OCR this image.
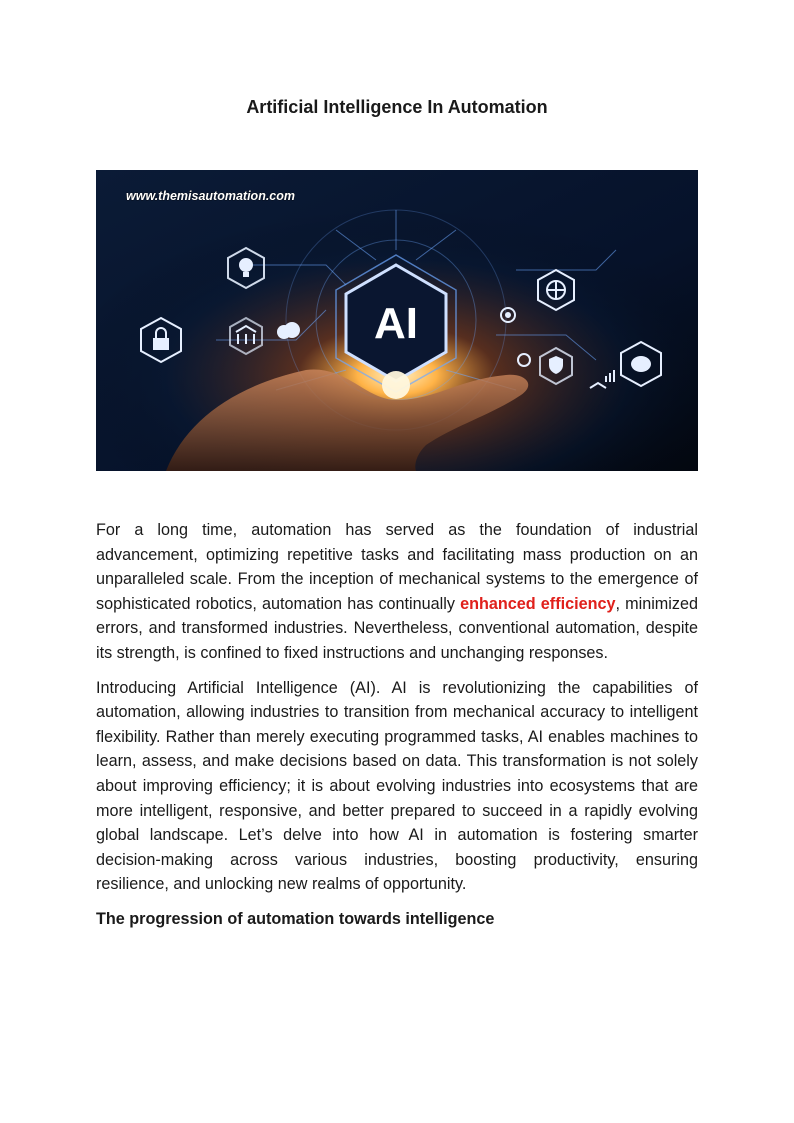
Artificial Intelligence In Automation
AI
www.themisautomation.com

For a long time, automation has served as the foundation of industrial advancement, optimizing repetitive tasks and facilitating mass production on an unparalleled scale. From the inception of mechanical systems to the emergence of sophisticated robotics, automation has continually enhanced efficiency, minimized errors, and transformed industries. Nevertheless, conventional automation, despite its strength, is confined to fixed instructions and unchanging responses.

Introducing Artificial Intelligence (AI). AI is revolutionizing the capabilities of automation, allowing industries to transition from mechanical accuracy to intelligent flexibility. Rather than merely executing programmed tasks, AI enables machines to learn, assess, and make decisions based on data. This transformation is not solely about improving efficiency; it is about evolving industries into ecosystems that are more intelligent, responsive, and better prepared to succeed in a rapidly evolving global landscape. Let’s delve into how AI in automation is fostering smarter decision-making across various industries, boosting productivity, ensuring resilience, and unlocking new realms of opportunity.

The progression of automation towards intelligence
